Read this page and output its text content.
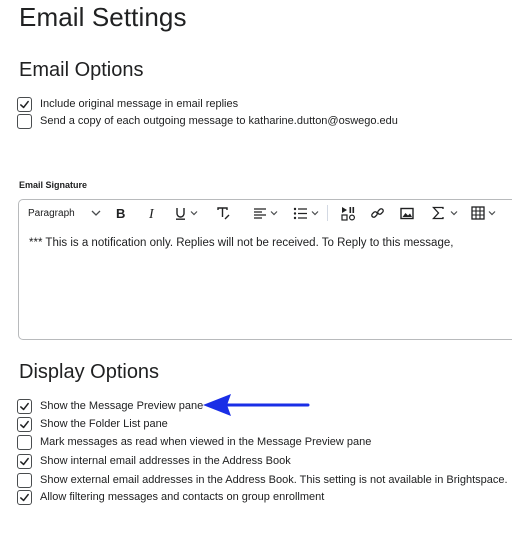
Email Settings
Email Options
Include original message in email replies
Send a copy of each outgoing message to katharine.dutton@oswego.edu
Email Signature
Paragraph	B I
*** This is a notification only. Replies will not be received. To Reply to this message,
Display Options
Show the Message Preview pane
Show the Folder List pane
Mark messages as read when viewed in the Message Preview pane
Show internal email addresses in the Address Book
Show external email addresses in the Address Book. This setting is not available in Brightspace.
Allow filtering messages and contacts on group enrollment
